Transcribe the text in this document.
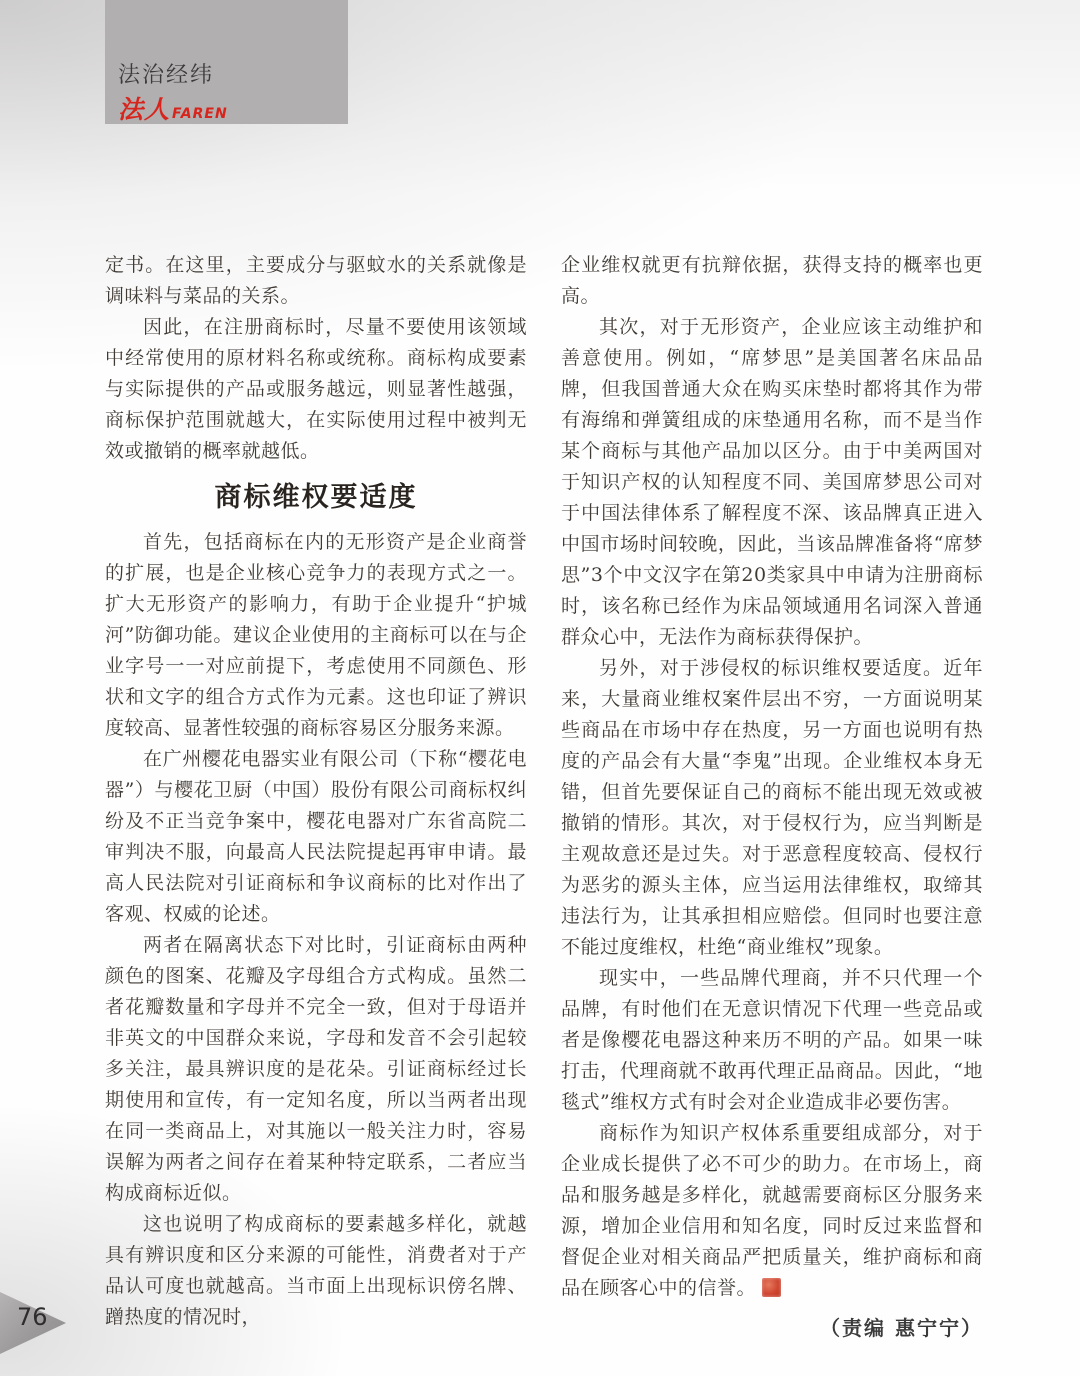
法治经纬
法人 FAREN

定书。在这里，主要成分与驱蚊水的关系就像是调味料与菜品的关系。

因此，在注册商标时，尽量不要使用该领域中经常使用的原材料名称或统称。商标构成要素与实际提供的产品或服务越远，则显著性越强，商标保护范围就越大，在实际使用过程中被判无效或撤销的概率就越低。

商标维权要适度

首先，包括商标在内的无形资产是企业商誉的扩展，也是企业核心竞争力的表现方式之一。扩大无形资产的影响力，有助于企业提升“护城河”防御功能。建议企业使用的主商标可以在与企业字号一一对应前提下，考虑使用不同颜色、形状和文字的组合方式作为元素。这也印证了辨识度较高、显著性较强的商标容易区分服务来源。

在广州樱花电器实业有限公司（下称“樱花电器”）与樱花卫厨（中国）股份有限公司商标权纠纷及不正当竞争案中，樱花电器对广东省高院二审判决不服，向最高人民法院提起再审申请。最高人民法院对引证商标和争议商标的比对作出了客观、权威的论述。

两者在隔离状态下对比时，引证商标由两种颜色的图案、花瓣及字母组合方式构成。虽然二者花瓣数量和字母并不完全一致，但对于母语并非英文的中国群众来说，字母和发音不会引起较多关注，最具辨识度的是花朵。引证商标经过长期使用和宣传，有一定知名度，所以当两者出现在同一类商品上，对其施以一般关注力时，容易误解为两者之间存在着某种特定联系，二者应当构成商标近似。

这也说明了构成商标的要素越多样化，就越具有辨识度和区分来源的可能性，消费者对于产品认可度也就越高。当市面上出现标识傍名牌、蹭热度的情况时，

企业维权就更有抗辩依据，获得支持的概率也更高。

其次，对于无形资产，企业应该主动维护和善意使用。例如，“席梦思”是美国著名床品品牌，但我国普通大众在购买床垫时都将其作为带有海绵和弹簧组成的床垫通用名称，而不是当作某个商标与其他产品加以区分。由于中美两国对于知识产权的认知程度不同、美国席梦思公司对于中国法律体系了解程度不深、该品牌真正进入中国市场时间较晚，因此，当该品牌准备将“席梦思”3个中文汉字在第20类家具中申请为注册商标时，该名称已经作为床品领域通用名词深入普通群众心中，无法作为商标获得保护。

另外，对于涉侵权的标识维权要适度。近年来，大量商业维权案件层出不穷，一方面说明某些商品在市场中存在热度，另一方面也说明有热度的产品会有大量“李鬼”出现。企业维权本身无错，但首先要保证自己的商标不能出现无效或被撤销的情形。其次，对于侵权行为，应当判断是主观故意还是过失。对于恶意程度较高、侵权行为恶劣的源头主体，应当运用法律维权，取缔其违法行为，让其承担相应赔偿。但同时也要注意不能过度维权，杜绝“商业维权”现象。

现实中，一些品牌代理商，并不只代理一个品牌，有时他们在无意识情况下代理一些竞品或者是像樱花电器这种来历不明的产品。如果一味打击，代理商就不敢再代理正品商品。因此，“地毯式”维权方式有时会对企业造成非必要伤害。

商标作为知识产权体系重要组成部分，对于企业成长提供了必不可少的助力。在市场上，商品和服务越是多样化，就越需要商标区分服务来源，增加企业信用和知名度，同时反过来监督和督促企业对相关商品严把质量关，维护商标和商品在顾客心中的信誉。

（责编 惠宁宁）
76
